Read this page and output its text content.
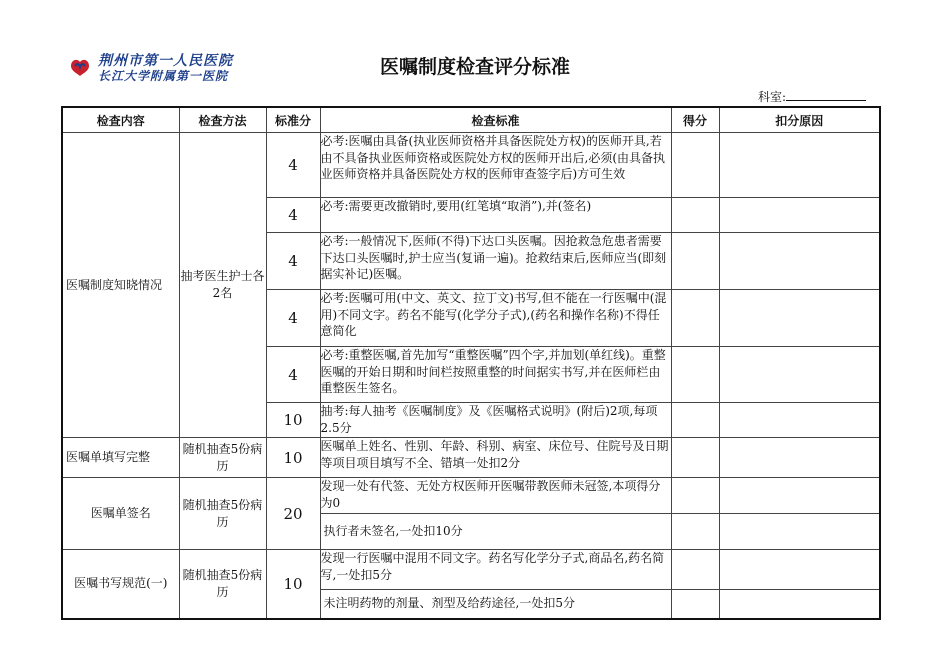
荆州市第一人民医院
长江大学附属第一医院	医嘱制度检查评分标准
科室:
检查内容	检查方法	标准分	检查标准	得分	扣分原因
医嘱制度知晓情况	抽考医生护士各2名	4	必考:医嘱由具备(执业医师资格并具备医院处方权)的医师开具,若由不具备执业医师资格或医院处方权的医师开出后,必须(由具备执业医师资格并具备医院处方权的医师审查签字后)方可生效		
		4	必考:需要更改撤销时,要用(红笔填“取消”),并(签名)		
		4	必考:一般情况下,医师(不得)下达口头医嘱。因抢救急危患者需要下达口头医嘱时,护士应当(复诵一遍)。抢救结束后,医师应当(即刻据实补记)医嘱。		
		4	必考:医嘱可用(中文、英文、拉丁文)书写,但不能在一行医嘱中(混用)不同文字。药名不能写(化学分子式),(药名和操作名称)不得任意简化		
		4	必考:重整医嘱,首先加写“重整医嘱”四个字,并加划(单红线)。重整医嘱的开始日期和时间栏按照重整的时间据实书写,并在医师栏由重整医生签名。		
		10	抽考:每人抽考《医嘱制度》及《医嘱格式说明》(附后)2项,每项2.5分		
医嘱单填写完整	随机抽查5份病历	10	医嘱单上姓名、性别、年龄、科别、病室、床位号、住院号及日期等项目项目填写不全、错填一处扣2分		
医嘱单签名	随机抽查5份病历	20	发现一处有代签、无处方权医师开医嘱带教医师未冠签,本项得分为0		
			执行者未签名,一处扣10分		
医嘱书写规范(一)	随机抽查5份病历	10	发现一行医嘱中混用不同文字。药名写化学分子式,商品名,药名简写,一处扣5分		
			未注明药物的剂量、剂型及给药途径,一处扣5分		
